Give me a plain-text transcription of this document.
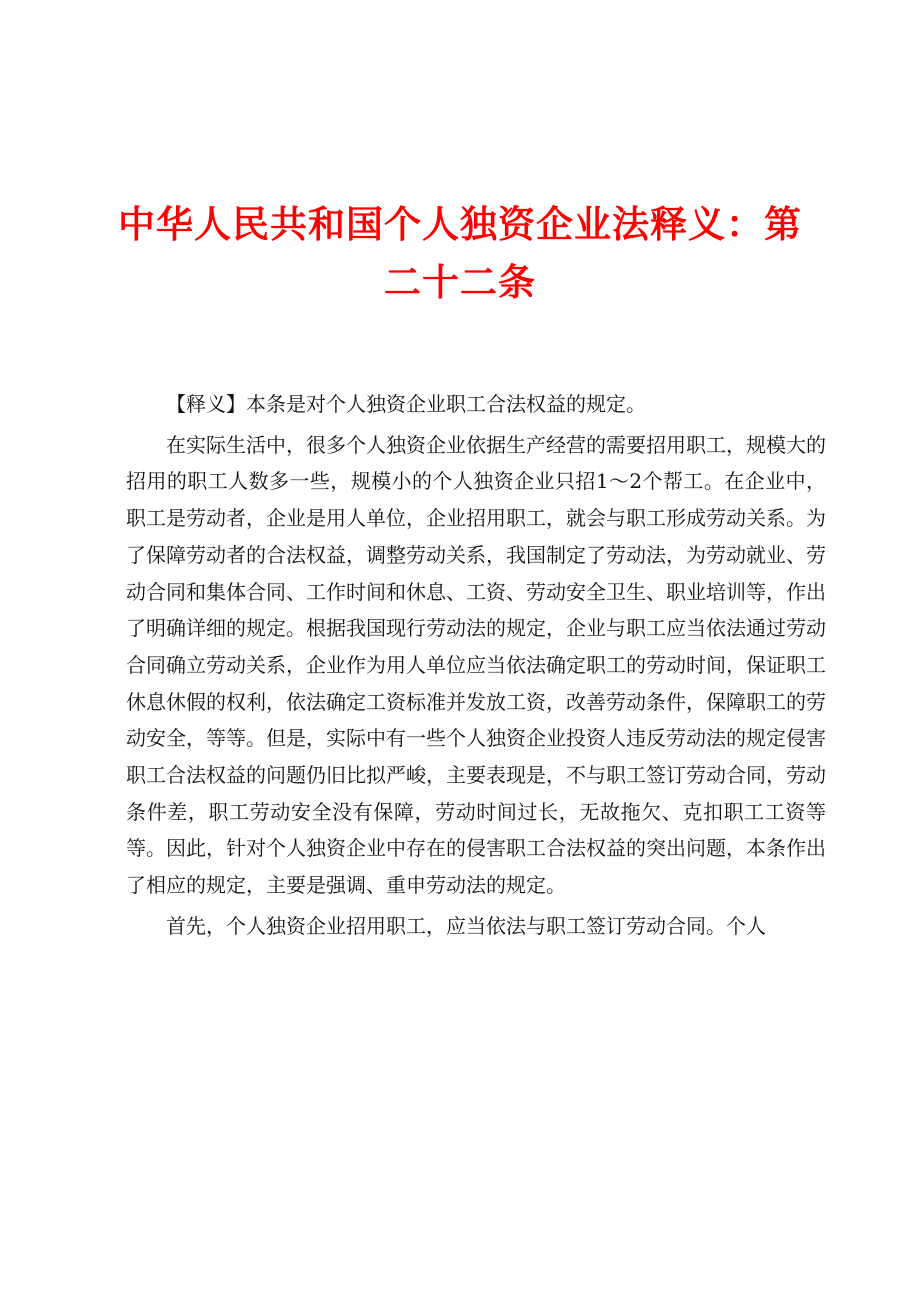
中华人民共和国个人独资企业法释义：第二十二条

【释义】本条是对个人独资企业职工合法权益的规定。

在实际生活中，很多个人独资企业依据生产经营的需要招用职工，规模大的招用的职工人数多一些，规模小的个人独资企业只招1～2个帮工。在企业中，职工是劳动者，企业是用人单位，企业招用职工，就会与职工形成劳动关系。为了保障劳动者的合法权益，调整劳动关系，我国制定了劳动法，为劳动就业、劳动合同和集体合同、工作时间和休息、工资、劳动安全卫生、职业培训等，作出了明确详细的规定。根据我国现行劳动法的规定，企业与职工应当依法通过劳动合同确立劳动关系，企业作为用人单位应当依法确定职工的劳动时间，保证职工休息休假的权利，依法确定工资标准并发放工资，改善劳动条件，保障职工的劳动安全，等等。但是，实际中有一些个人独资企业投资人违反劳动法的规定侵害职工合法权益的问题仍旧比拟严峻，主要表现是，不与职工签订劳动合同，劳动条件差，职工劳动安全没有保障，劳动时间过长，无故拖欠、克扣职工工资等等。因此，针对个人独资企业中存在的侵害职工合法权益的突出问题，本条作出了相应的规定，主要是强调、重申劳动法的规定。

首先，个人独资企业招用职工，应当依法与职工签订劳动合同。个人
